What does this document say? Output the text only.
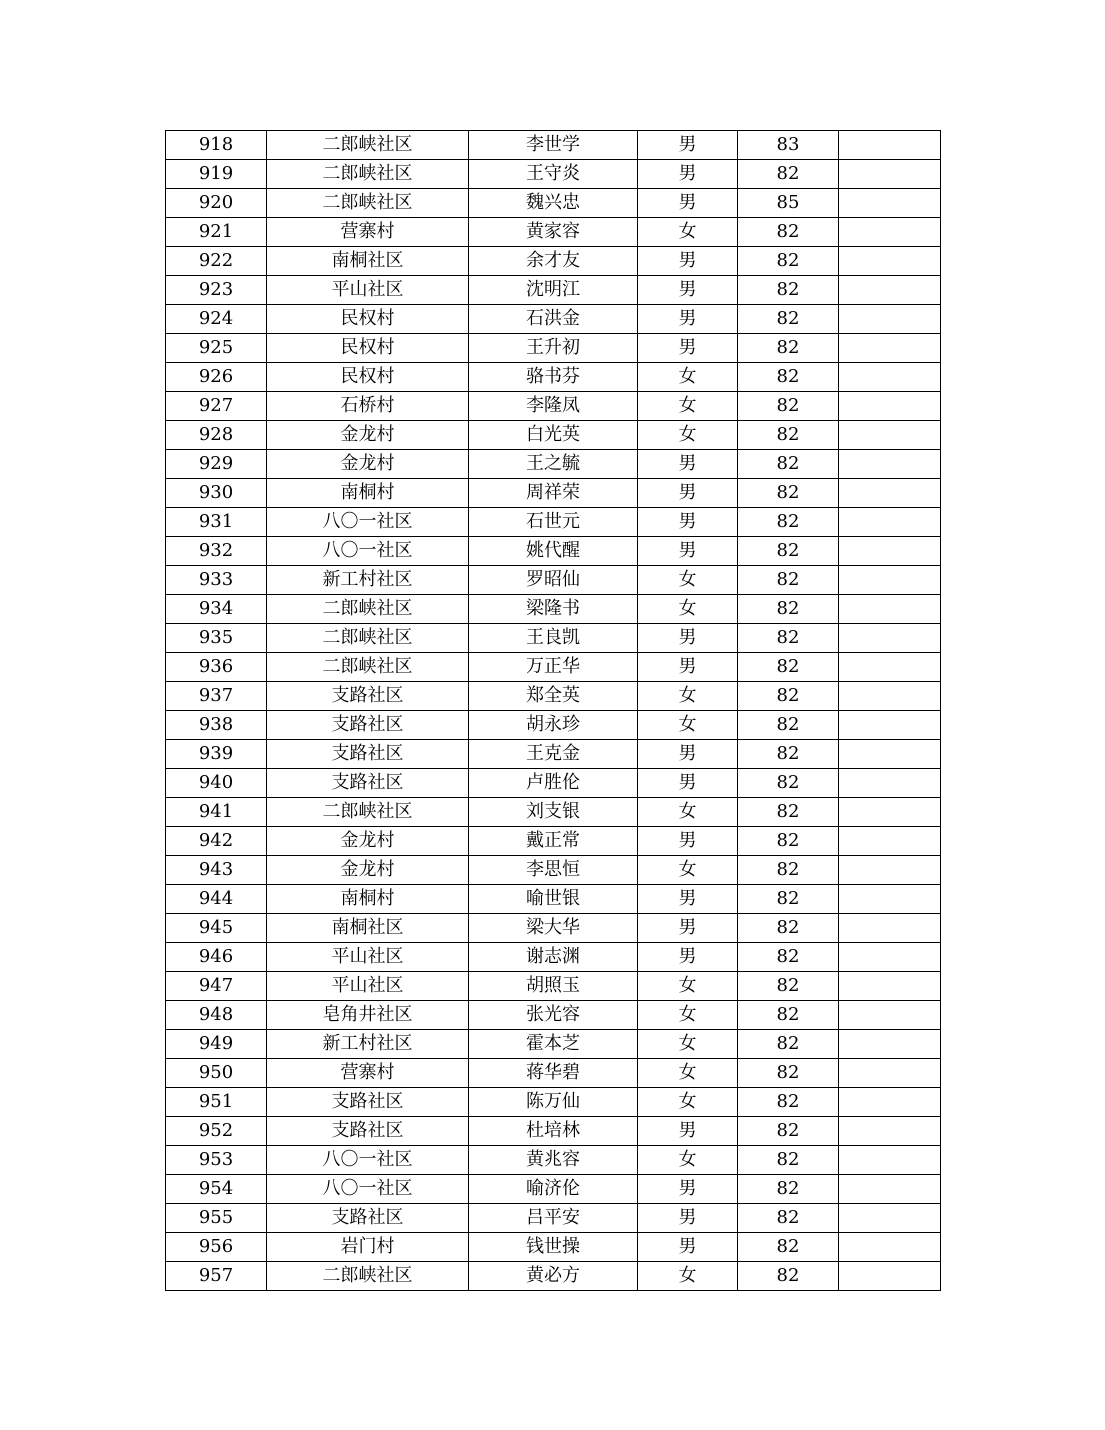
918	二郎峡社区	李世学	男	83	
919	二郎峡社区	王守炎	男	82	
920	二郎峡社区	魏兴忠	男	85	
921	营寨村	黄家容	女	82	
922	南桐社区	余才友	男	82	
923	平山社区	沈明江	男	82	
924	民权村	石洪金	男	82	
925	民权村	王升初	男	82	
926	民权村	骆书芬	女	82	
927	石桥村	李隆凤	女	82	
928	金龙村	白光英	女	82	
929	金龙村	王之毓	男	82	
930	南桐村	周祥荣	男	82	
931	八〇一社区	石世元	男	82	
932	八〇一社区	姚代醒	男	82	
933	新工村社区	罗昭仙	女	82	
934	二郎峡社区	梁隆书	女	82	
935	二郎峡社区	王良凯	男	82	
936	二郎峡社区	万正华	男	82	
937	支路社区	郑全英	女	82	
938	支路社区	胡永珍	女	82	
939	支路社区	王克金	男	82	
940	支路社区	卢胜伦	男	82	
941	二郎峡社区	刘支银	女	82	
942	金龙村	戴正常	男	82	
943	金龙村	李思恒	女	82	
944	南桐村	喻世银	男	82	
945	南桐社区	梁大华	男	82	
946	平山社区	谢志渊	男	82	
947	平山社区	胡照玉	女	82	
948	皂角井社区	张光容	女	82	
949	新工村社区	霍本芝	女	82	
950	营寨村	蒋华碧	女	82	
951	支路社区	陈万仙	女	82	
952	支路社区	杜培林	男	82	
953	八〇一社区	黄兆容	女	82	
954	八〇一社区	喻济伦	男	82	
955	支路社区	吕平安	男	82	
956	岩门村	钱世操	男	82	
957	二郎峡社区	黄必方	女	82	
